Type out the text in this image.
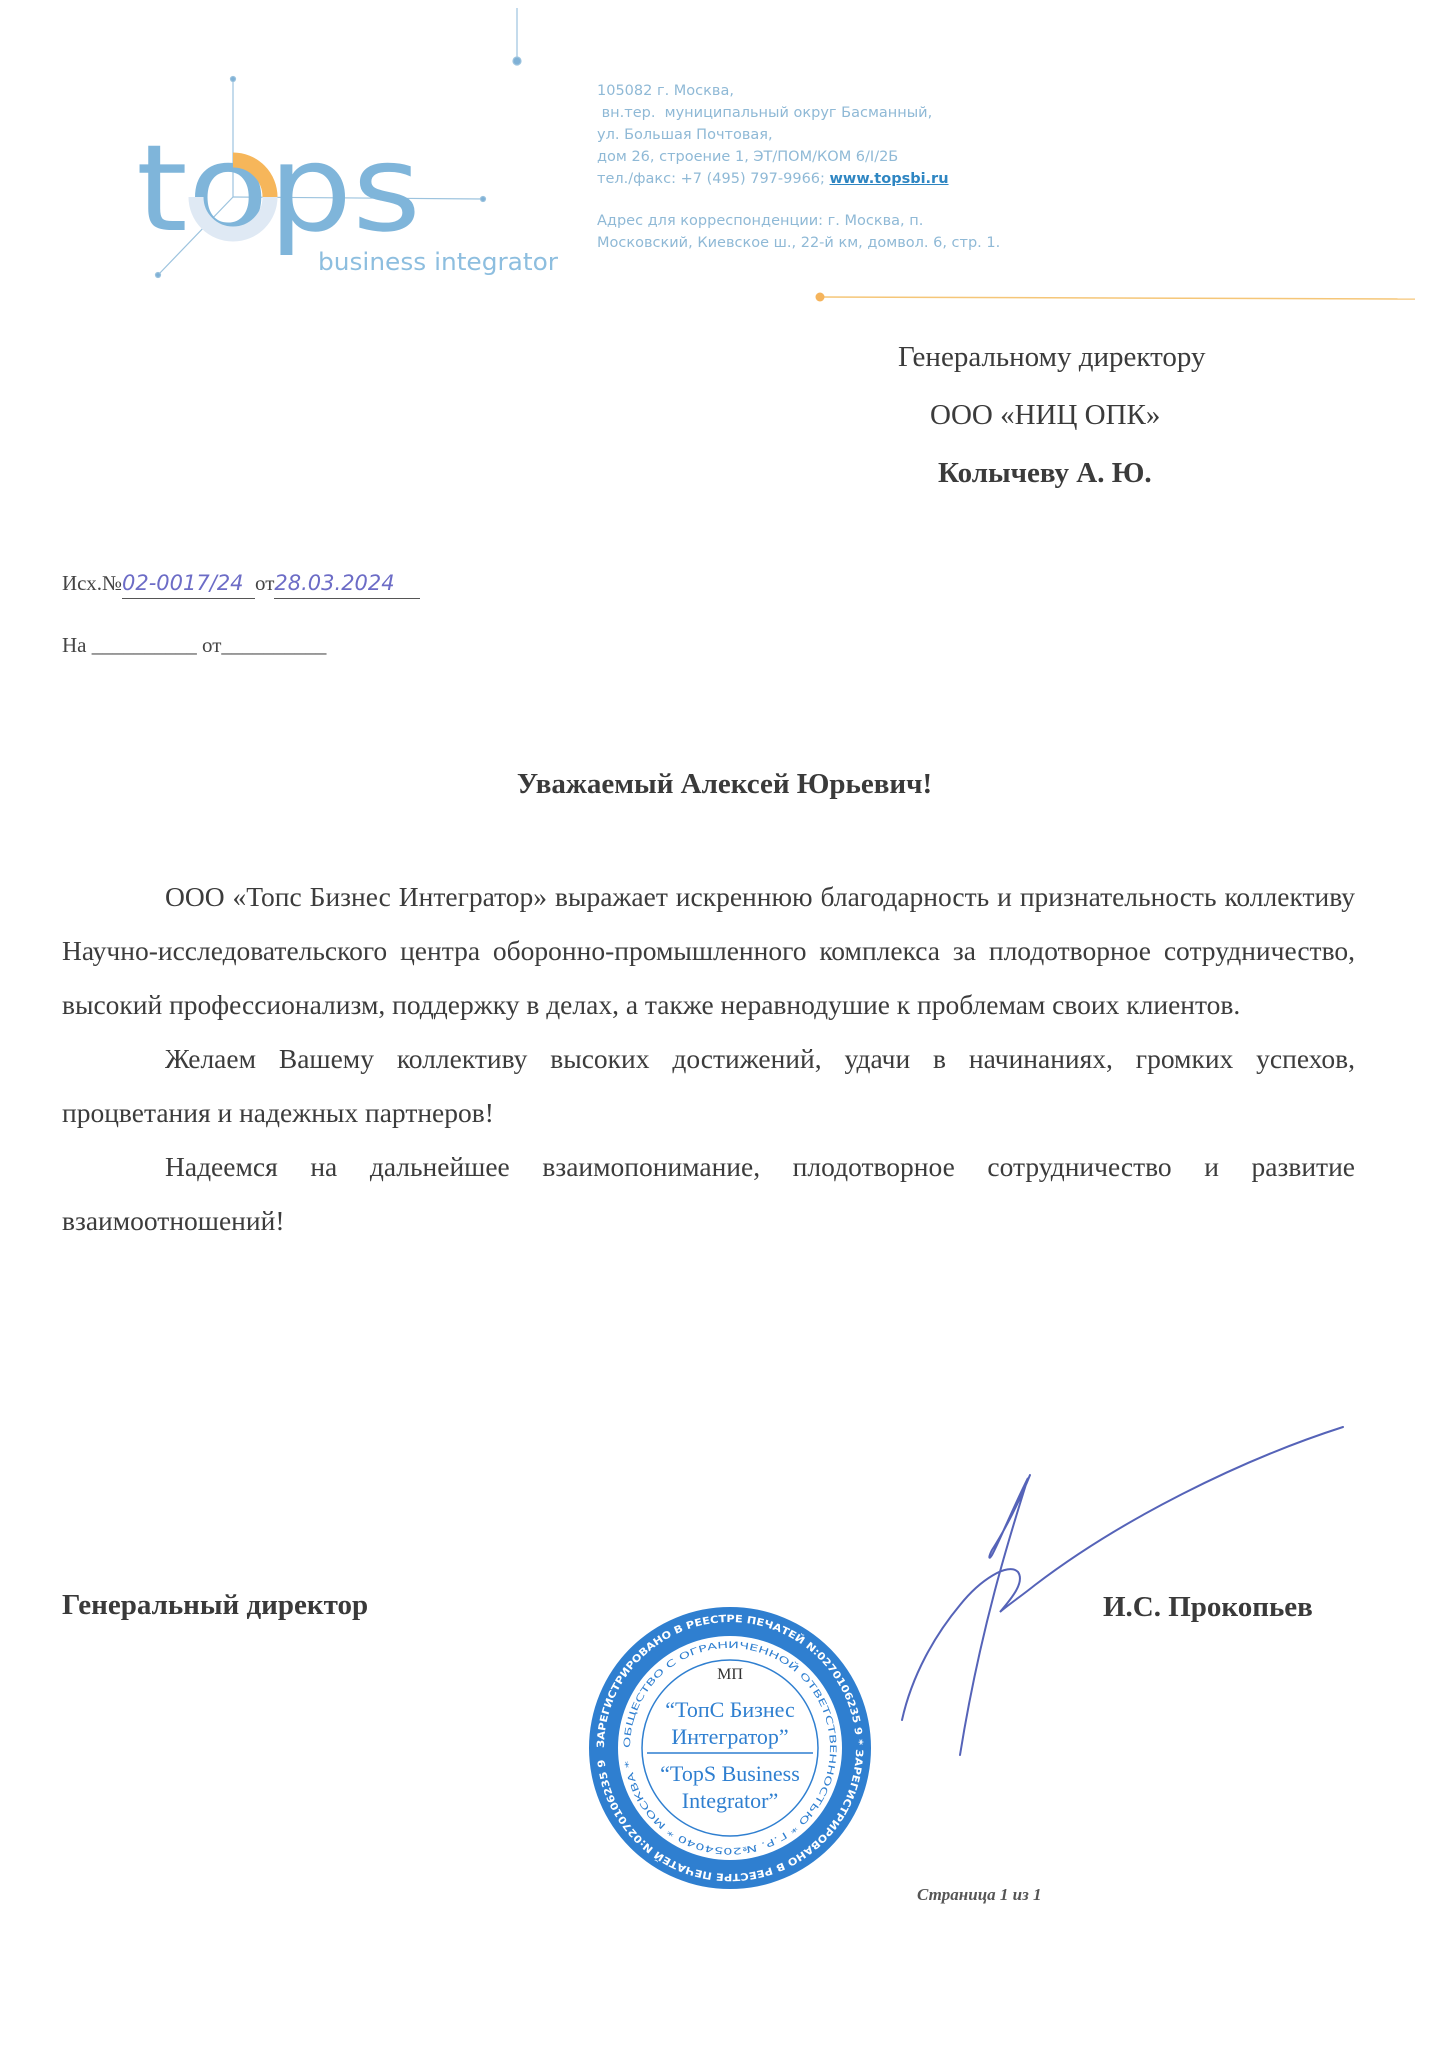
tops
business integrator
105082 г. Москва,
вн.тер.  муниципальный округ Басманный,
ул. Большая Почтовая,
дом 26, строение 1, ЭТ/ПОМ/КОМ 6/I/2Б
тел./факс: +7 (495) 797-9966; www.topsbi.ru
Адрес для корреспонденции: г. Москва, п.
Московский, Киевское ш., 22-й км, домвол. 6, стр. 1.
Генеральному директору
ООО «НИЦ ОПК»
Колычеву А. Ю.
Исх.№02-0017/24 от28.03.2024
На __________ от__________
Уважаемый Алексей Юрьевич!

ООО «Топс Бизнес Интегратор» выражает искреннюю благодарность и признательность коллективу Научно-исследовательского центра оборонно-промышленного комплекса за плодотворное сотрудничество, высокий профессионализм, поддержку в делах, а также неравнодушие к проблемам своих клиентов.

Желаем Вашему коллективу высоких достижений, удачи в начинаниях, громких успехов, процветания и надежных партнеров!

Надеемся на дальнейшее взаимопонимание, плодотворное сотрудничество и развитие взаимоотношений!

Генеральный директор	И.С. Прокопьев
ЗАРЕГИСТРИРОВАНО В РЕЕСТРЕ ПЕЧАТЕЙ N:0270106235 9 * ЗАРЕГИСТРИРОВАНО В РЕЕСТРЕ ПЕЧАТЕЙ N:0270106235 9
ОБЩЕСТВО С ОГРАНИЧЕННОЙ ОТВЕТСТВЕННОСТЬЮ * Г.Р. №2054040 * МОСКВА *
МП
“ТопС Бизнес
Интегратор”
“TopS Business
Integrator”
Страница 1 из 1
